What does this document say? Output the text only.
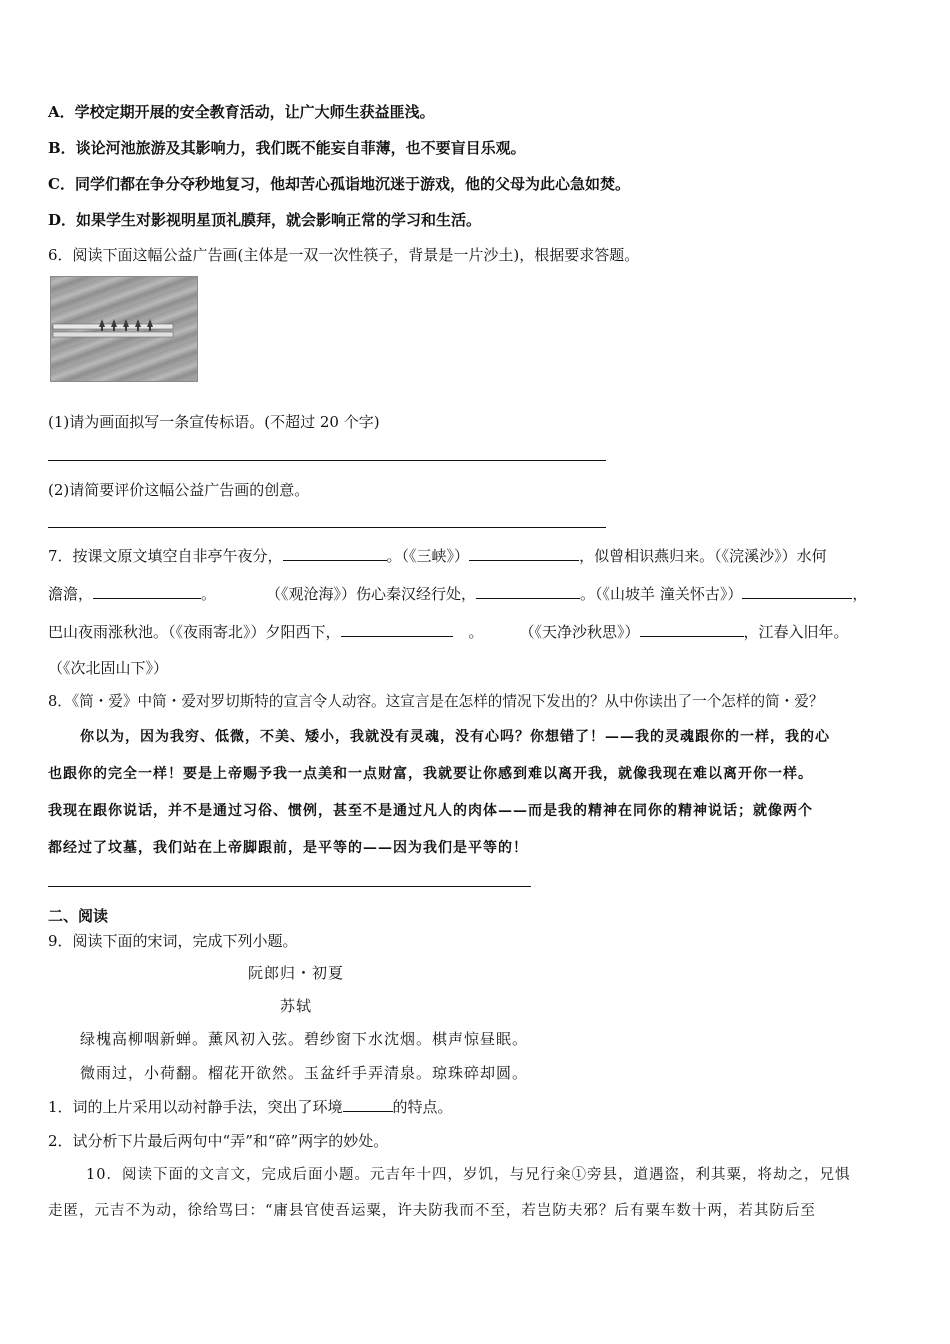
A．学校定期开展的安全教育活动，让广大师生获益匪浅。
B．谈论河池旅游及其影响力，我们既不能妄自菲薄，也不要盲目乐观。
C．同学们都在争分夺秒地复习，他却苦心孤诣地沉迷于游戏，他的父母为此心急如焚。
D．如果学生对影视明星顶礼膜拜，就会影响正常的学习和生活。
6．阅读下面这幅公益广告画(主体是一双一次性筷子，背景是一片沙土)，根据要求答题。
(1)请为画面拟写一条宣传标语。(不超过 20 个字)
(2)请简要评价这幅公益广告画的创意。
7．按课文原文填空自非亭午夜分，	。（《三峡》）	，似曾相识燕归来。（《浣溪沙》）水何
澹澹，	。	（《观沧海》）伤心秦汉经行处，	。（《山坡羊 潼关怀古》）	，
巴山夜雨涨秋池。（《夜雨寄北》）夕阳西下，	。 （《天净沙秋思》）	，江春入旧年。
（《次北固山下》）
8．《简・爱》中简・爱对罗切斯特的宣言令人动容。这宣言是在怎样的情况下发出的？从中你读出了一个怎样的简・爱？
你以为，因为我穷、低微，不美、矮小，我就没有灵魂，没有心吗？你想错了！——我的灵魂跟你的一样，我的心
也跟你的完全一样！要是上帝赐予我一点美和一点财富，我就要让你感到难以离开我，就像我现在难以离开你一样。
我现在跟你说话，并不是通过习俗、惯例，甚至不是通过凡人的肉体——而是我的精神在同你的精神说话；就像两个
都经过了坟墓，我们站在上帝脚跟前，是平等的——因为我们是平等的！
二、阅读
9．阅读下面的宋词，完成下列小题。
阮郎归・初夏
苏轼
绿槐高柳咽新蝉。薰风初入弦。碧纱窗下水沈烟。棋声惊昼眠。
微雨过，小荷翻。榴花开欲然。玉盆纤手弄清泉。琼珠碎却圆。
1．词的上片采用以动衬静手法，突出了环境	的特点。
2．试分析下片最后两句中“弄”和“碎”两字的妙处。
10．阅读下面的文言文，完成后面小题。元吉年十四，岁饥，与兄行籴①旁县，道遇盗，利其粟，将劫之，兄惧
走匿，元吉不为动，徐给骂曰：“庸县官使吾运粟，许夫防我而不至，若岂防夫邪？后有粟车数十两，若其防后至
